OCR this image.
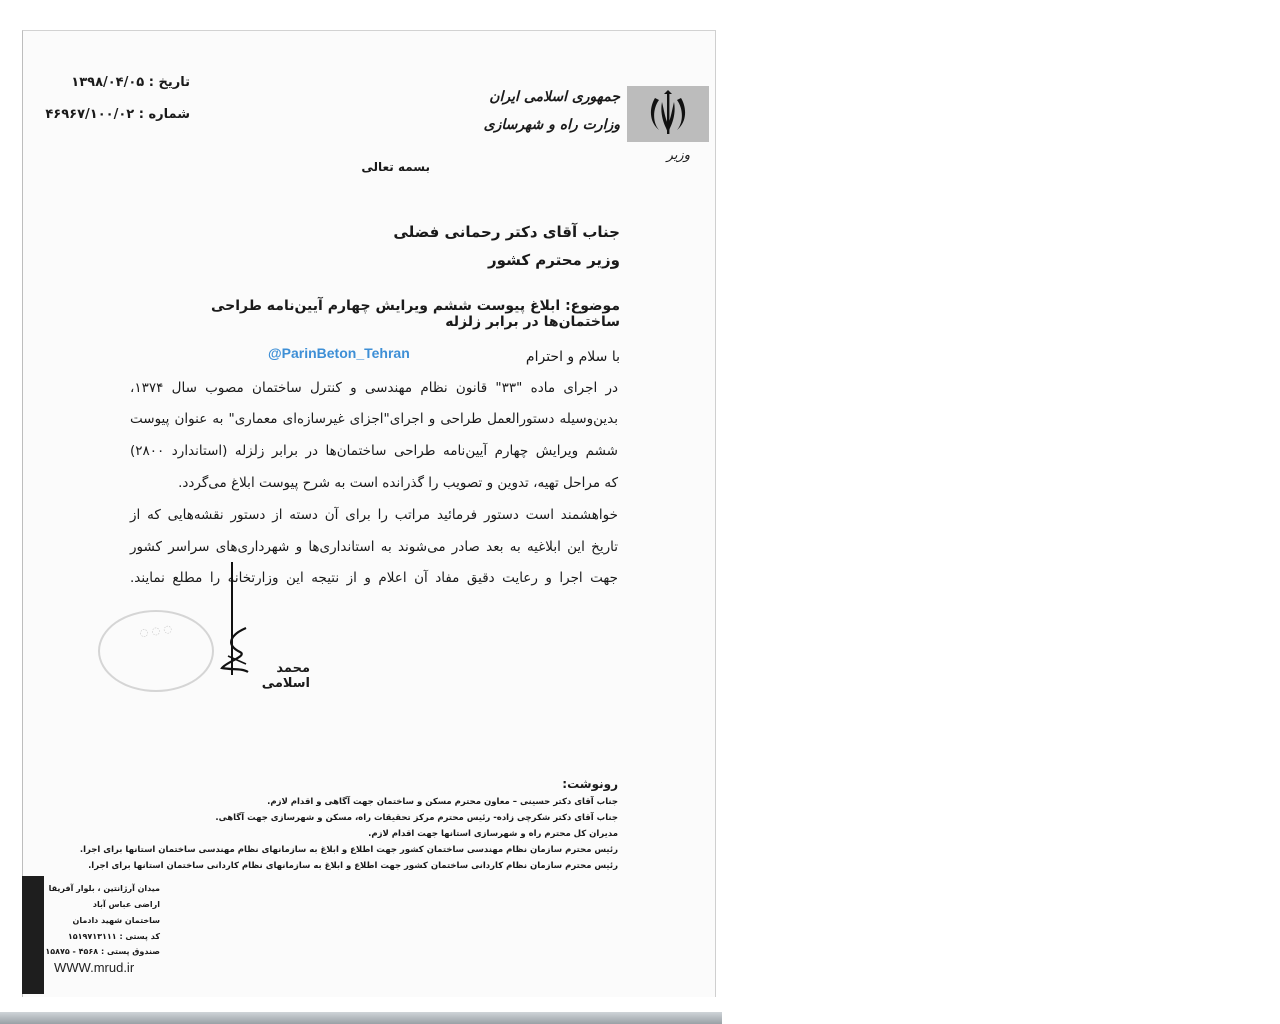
تاریخ : ۱۳۹۸/۰۴/۰۵
شماره : ۴۶۹۶۷/۱۰۰/۰۲
وزیر
جمهوری اسلامی ایران
وزارت راه و شهرسازی
بسمه تعالی
جناب آقای دکتر رحمانی فضلی
وزیر محترم کشور
موضوع: ابلاغ پیوست ششم ویرایش چهارم آیین‌نامه طراحی ساختمان‌ها در برابر زلزله
@ParinBeton_Tehran	با سلام و احترام
در اجرای ماده "۳۳" قانون نظام مهندسی و کنترل ساختمان مصوب سال ۱۳۷۴،
بدین‌وسیله دستورالعمل طراحی و اجرای"اجزای غیرسازه‌ای معماری" به عنوان پیوست
ششم ویرایش چهارم آیین‌نامه طراحی ساختمان‌ها در برابر زلزله (استاندارد ۲۸۰۰)
که مراحل تهیه، تدوین و تصویب را گذرانده است به شرح پیوست ابلاغ می‌گردد.
خواهشمند است دستور فرمائید مراتب را برای آن دسته از دستور نقشه‌هایی که از
تاریخ این ابلاغیه به بعد صادر می‌شوند به استانداری‌ها و شهرداری‌های سراسر کشور
جهت اجرا و رعایت دقیق مفاد آن اعلام و از نتیجه این وزارتخانه را مطلع نمایند.
◌ ◌ ◌
محمد اسلامی
رونوشت:
جناب آقای دکتر حسینی – معاون محترم مسکن و ساختمان جهت آگاهی و اقدام لازم.
جناب آقای دکتر شکرچی زاده- رئیس محترم مرکز تحقیقات راه، مسکن و شهرسازی جهت آگاهی.
مدیران کل محترم راه و شهرسازی استانها جهت اقدام لازم.
رئیس محترم سازمان نظام مهندسی ساختمان کشور جهت اطلاع و ابلاغ به سازمانهای نظام مهندسی ساختمان استانها برای اجرا.
رئیس محترم سازمان نظام کاردانی ساختمان کشور جهت اطلاع و ابلاغ به سازمانهای نظام کاردانی ساختمان استانها برای اجرا.
میدان آرژانتین ، بلوار آفریقا
اراضی عباس آباد
ساختمان شهید دادمان
کد پستی : ۱۵۱۹۷۱۳۱۱۱
صندوق پستی : ۴۵۶۸ - ۱۵۸۷۵
WWW.mrud.ir
